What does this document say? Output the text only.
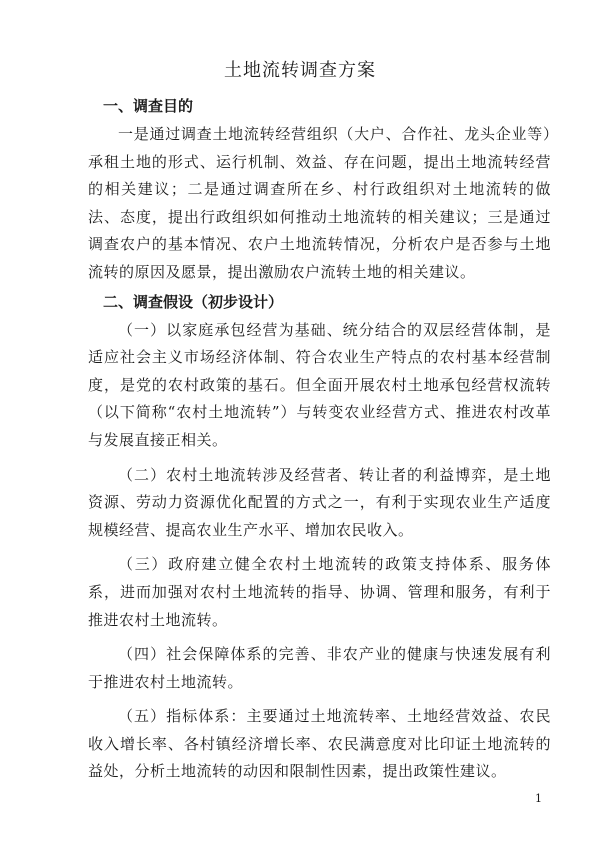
土地流转调查方案
一、调查目的

一是通过调查土地流转经营组织（大户、合作社、龙头企业等）承租土地的形式、运行机制、效益、存在问题，提出土地流转经营的相关建议；二是通过调查所在乡、村行政组织对土地流转的做法、态度，提出行政组织如何推动土地流转的相关建议；三是通过调查农户的基本情况、农户土地流转情况，分析农户是否参与土地流转的原因及愿景，提出激励农户流转土地的相关建议。

二、调查假设（初步设计）

（一）以家庭承包经营为基础、统分结合的双层经营体制，是适应社会主义市场经济体制、符合农业生产特点的农村基本经营制度，是党的农村政策的基石。但全面开展农村土地承包经营权流转（以下简称“农村土地流转”）与转变农业经营方式、推进农村改革与发展直接正相关。

（二）农村土地流转涉及经营者、转让者的利益博弈，是土地资源、劳动力资源优化配置的方式之一，有利于实现农业生产适度规模经营、提高农业生产水平、增加农民收入。

（三）政府建立健全农村土地流转的政策支持体系、服务体系，进而加强对农村土地流转的指导、协调、管理和服务，有利于推进农村土地流转。

（四）社会保障体系的完善、非农产业的健康与快速发展有利于推进农村土地流转。

（五）指标体系：主要通过土地流转率、土地经营效益、农民收入增长率、各村镇经济增长率、农民满意度对比印证土地流转的益处，分析土地流转的动因和限制性因素，提出政策性建议。

1
